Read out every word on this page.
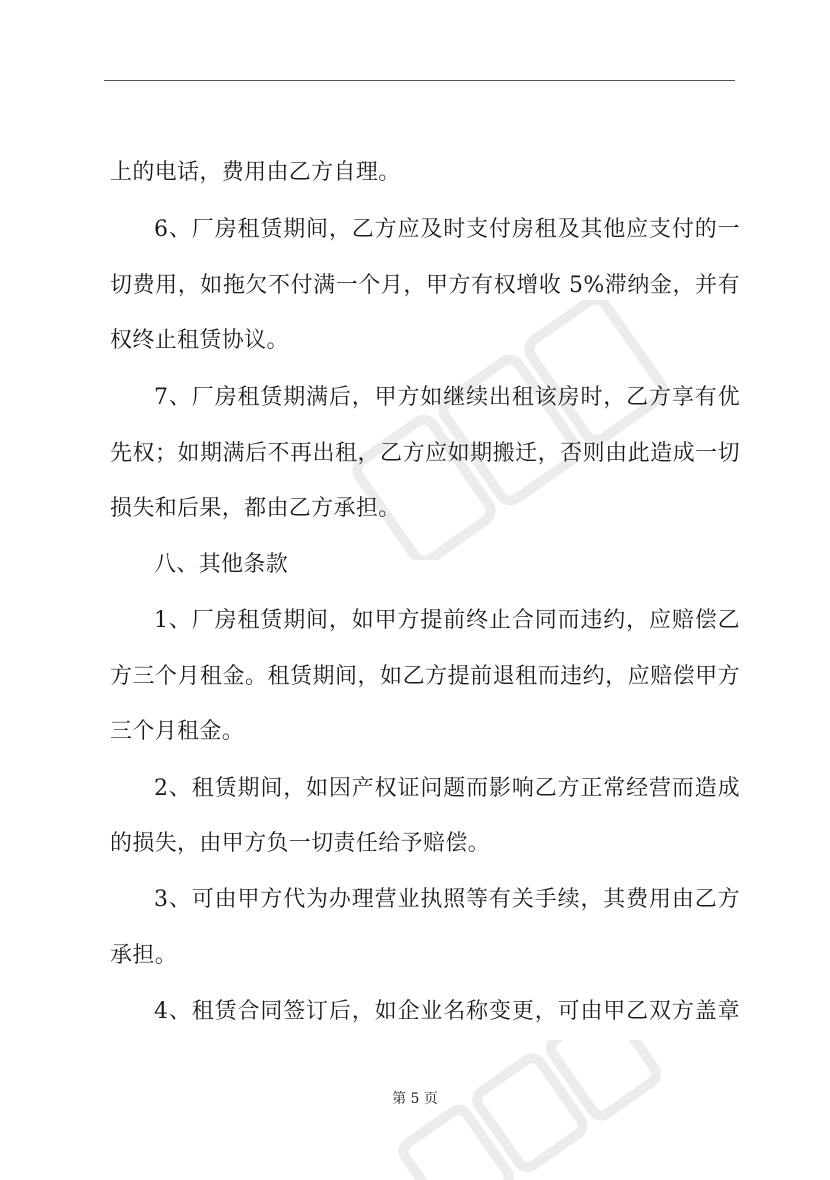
上的电话，费用由乙方自理。
6、厂房租赁期间，乙方应及时支付房租及其他应支付的一
切费用，如拖欠不付满一个月，甲方有权增收 5%滞纳金，并有
权终止租赁协议。
7、厂房租赁期满后，甲方如继续出租该房时，乙方享有优
先权；如期满后不再出租，乙方应如期搬迁，否则由此造成一切
损失和后果，都由乙方承担。
八、其他条款
1、厂房租赁期间，如甲方提前终止合同而违约，应赔偿乙
方三个月租金。租赁期间，如乙方提前退租而违约，应赔偿甲方
三个月租金。
2、租赁期间，如因产权证问题而影响乙方正常经营而造成
的损失，由甲方负一切责任给予赔偿。
3、可由甲方代为办理营业执照等有关手续，其费用由乙方
承担。
4、租赁合同签订后，如企业名称变更，可由甲乙双方盖章
第 5 页
